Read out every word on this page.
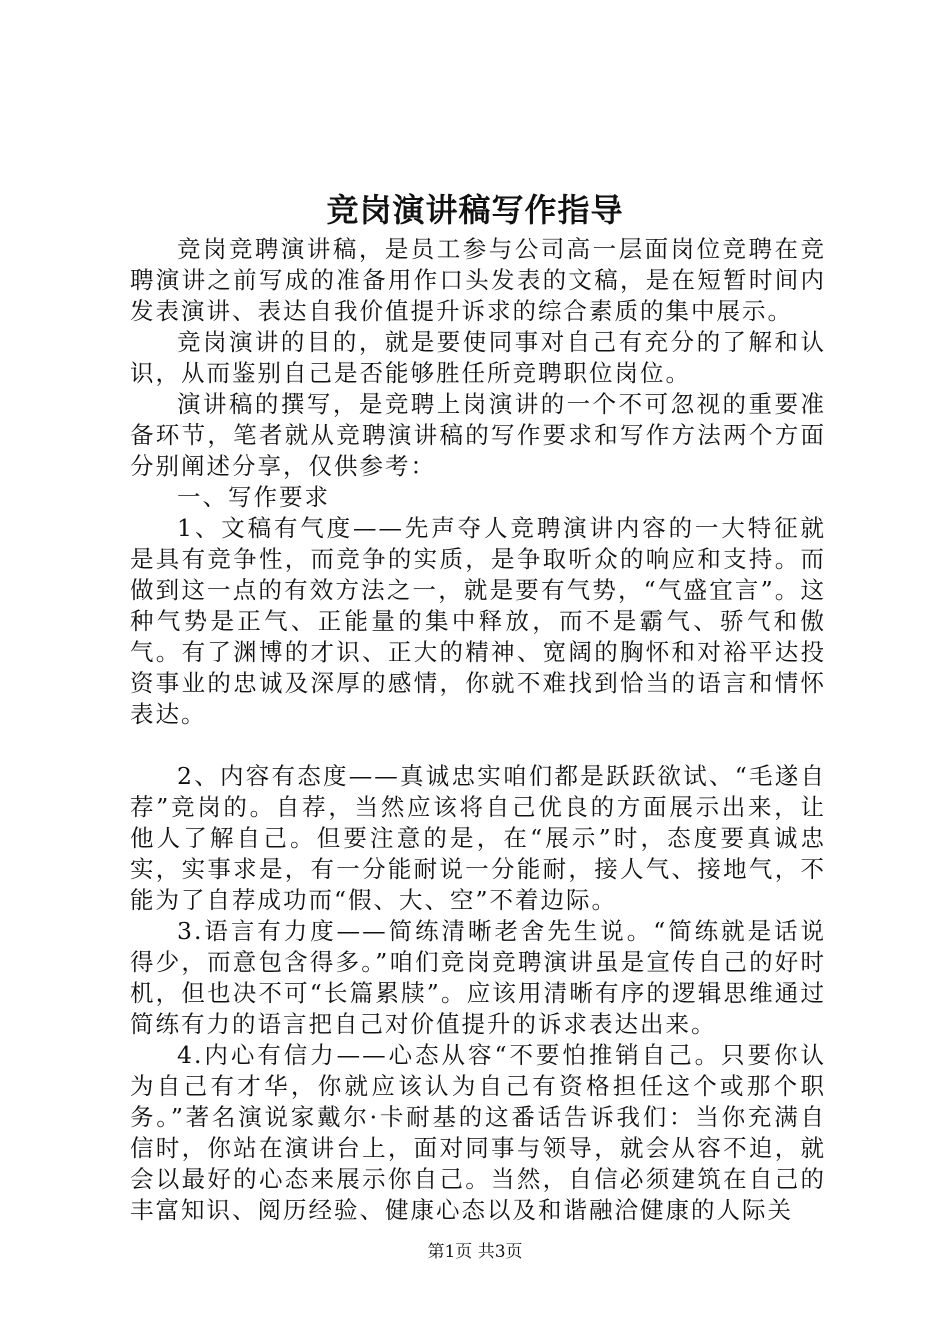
竞岗演讲稿写作指导

竞岗竞聘演讲稿，是员工参与公司高一层面岗位竞聘在竞聘演讲之前写成的准备用作口头发表的文稿，是在短暂时间内发表演讲、表达自我价值提升诉求的综合素质的集中展示。

竞岗演讲的目的，就是要使同事对自己有充分的了解和认识，从而鉴别自己是否能够胜任所竞聘职位岗位。

演讲稿的撰写，是竞聘上岗演讲的一个不可忽视的重要准备环节，笔者就从竞聘演讲稿的写作要求和写作方法两个方面分别阐述分享，仅供参考：

一、写作要求

1、文稿有气度——先声夺人竞聘演讲内容的一大特征就是具有竞争性，而竞争的实质，是争取听众的响应和支持。而做到这一点的有效方法之一，就是要有气势，“气盛宜言”。这种气势是正气、正能量的集中释放，而不是霸气、骄气和傲气。有了渊博的才识、正大的精神、宽阔的胸怀和对裕平达投资事业的忠诚及深厚的感情，你就不难找到恰当的语言和情怀表达。

2、内容有态度——真诚忠实咱们都是跃跃欲试、“毛遂自荐”竞岗的。自荐，当然应该将自己优良的方面展示出来，让他人了解自己。但要注意的是，在“展示”时，态度要真诚忠实，实事求是，有一分能耐说一分能耐，接人气、接地气，不能为了自荐成功而“假、大、空”不着边际。

3.语言有力度——简练清晰老舍先生说。“简练就是话说得少，而意包含得多。”咱们竞岗竞聘演讲虽是宣传自己的好时机，但也决不可“长篇累牍”。应该用清晰有序的逻辑思维通过简练有力的语言把自己对价值提升的诉求表达出来。

4.内心有信力——心态从容“不要怕推销自己。只要你认为自己有才华，你就应该认为自己有资格担任这个或那个职务。”著名演说家戴尔·卡耐基的这番话告诉我们：当你充满自信时，你站在演讲台上，面对同事与领导，就会从容不迫，就会以最好的心态来展示你自己。当然，自信必须建筑在自己的丰富知识、阅历经验、健康心态以及和谐融洽健康的人际关

第1页 共3页
